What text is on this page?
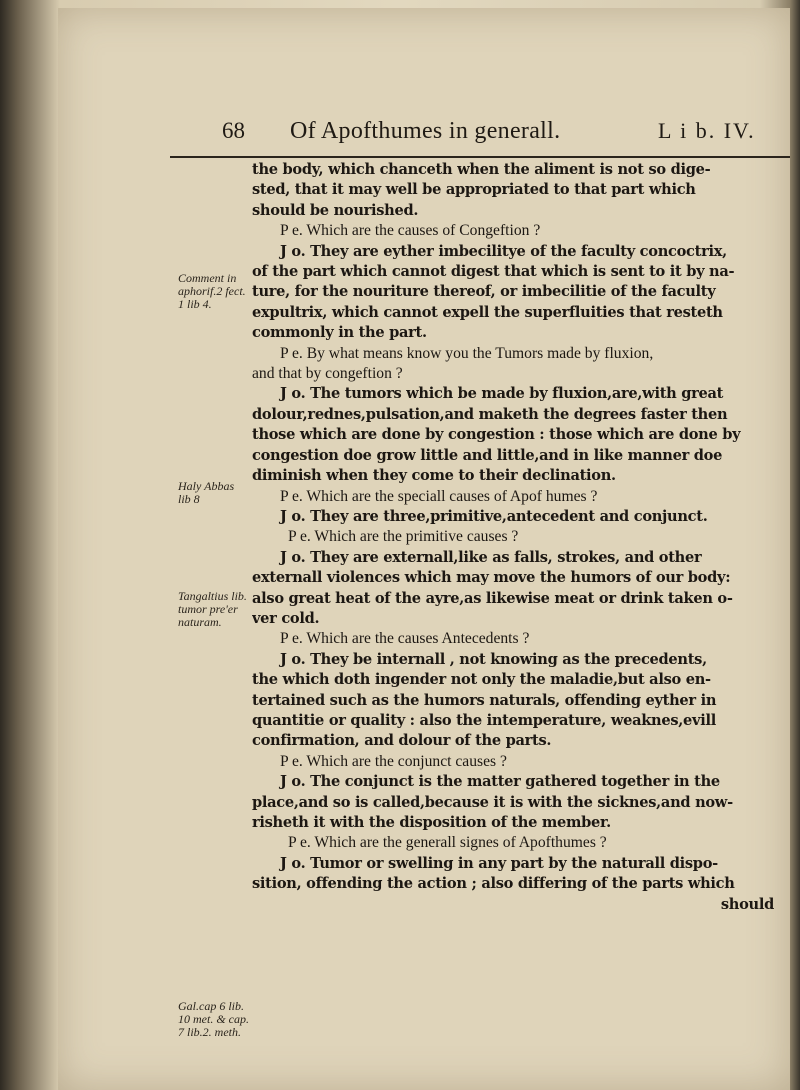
68 Of Apofthumes in generall.	L i b. IV.
Comment in
aphorif.2 fect.
1 lib 4.
Haly Abbas
lib 8
Tangaltius lib.
tumor pre'er
naturam.
Gal.cap 6 lib.
10 met. & cap.
7 lib.2. meth.
the body, which chanceth when the aliment is not so dige-
sted, that it may well be appropriated to that part which
should be nourished.
P e. Which are the causes of Congeftion ?
J o. They are eyther imbecilitye of the faculty concoctrix,
of the part which cannot digest that which is sent to it by na-
ture, for the nouriture thereof, or imbecilitie of the faculty
expultrix, which cannot expell the superfluities that resteth
commonly in the part.
P e. By what means know you the Tumors made by fluxion,
and that by congeftion ?
J o. The tumors which be made by fluxion,are,with great
dolour,rednes,pulsation,and maketh the degrees faster then
those which are done by congestion : those which are done by
congestion doe grow little and little,and in like manner doe
diminish when they come to their declination.
P e. Which are the speciall causes of Apof humes ?
J o. They are three,primitive,antecedent and conjunct.
P e. Which are the primitive causes ?
J o. They are externall,like as falls, strokes, and other
externall violences which may move the humors of our body:
also great heat of the ayre,as likewise meat or drink taken o-
ver cold.
P e. Which are the causes Antecedents ?
J o. They be internall , not knowing as the precedents,
the which doth ingender not only the maladie,but also en-
tertained such as the humors naturals, offending eyther in
quantitie or quality : also the intemperature, weaknes,evill
confirmation, and dolour of the parts.
P e. Which are the conjunct causes ?
J o. The conjunct is the matter gathered together in the
place,and so is called,because it is with the sicknes,and now-
risheth it with the disposition of the member.
P e. Which are the generall signes of Apofthumes ?
J o. Tumor or swelling in any part by the naturall dispo-
sition, offending the action ; also differing of the parts which
should
